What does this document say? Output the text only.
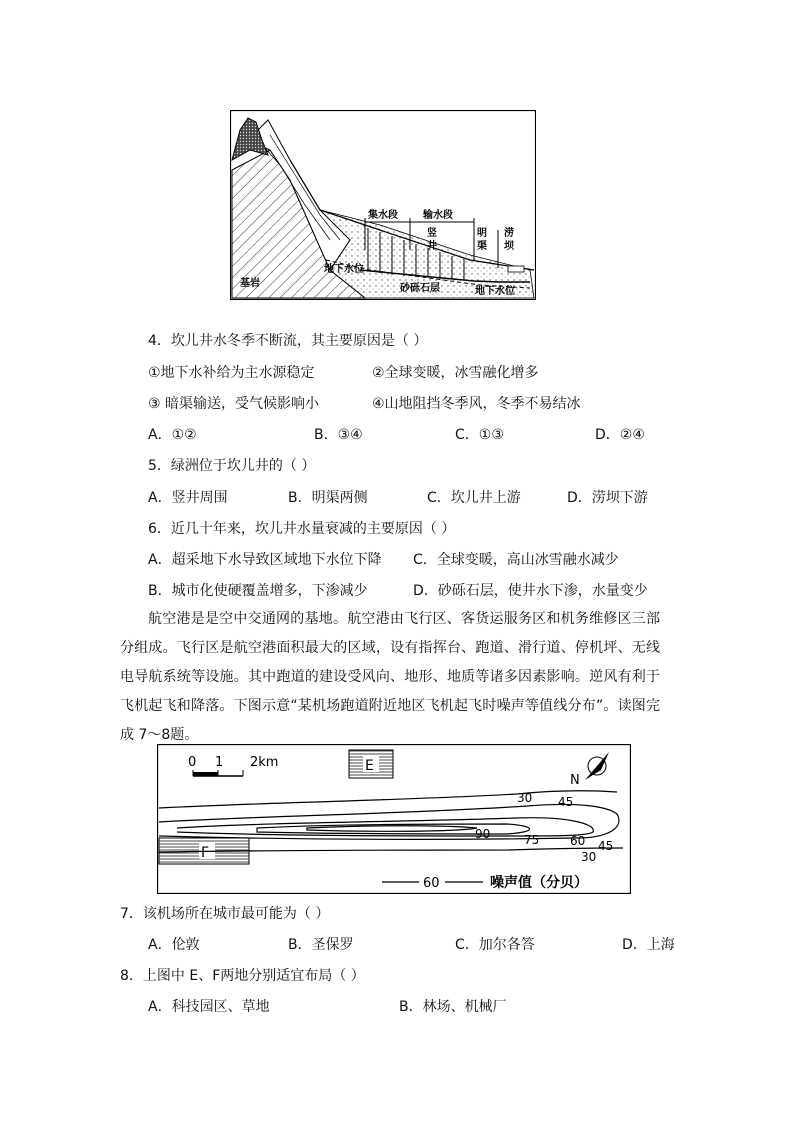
集水段	输水段
竖
井
明
渠
涝
坝
地下水位
砂砾石层	地下水位
基岩
4．坎儿井水冬季不断流，其主要原因是（ ）
①地下水补给为主水源稳定	②全球变暖，冰雪融化增多
③ 暗渠输送，受气候影响小	④山地阻挡冬季风，冬季不易结冰
A．①②	B．③④	C．①③	D．②④
5．绿洲位于坎儿井的（ ）
A．竖井周围	B．明渠两侧	C．坎儿井上游	D．涝坝下游
6．近几十年来，坎儿井水量衰减的主要原因（ ）
A．超采地下水导致区域地下水位下降 C．全球变暖，高山冰雪融水减少
B．城市化使硬覆盖增多，下渗减少	D．砂砾石层，使井水下渗，水量变少
航空港是是空中交通网的基地。航空港由飞行区、客货运服务区和机务维修区三部分组成。飞行区是航空港面积最大的区域，设有指挥台、跑道、滑行道、停机坪、无线电导航系统等设施。其中跑道的建设受风向、地形、地质等诸多因素影响。逆风有利于飞机起飞和降落。下图示意“某机场跑道附近地区飞机起飞时噪声等值线分布”。读图完成 7～8题。
0 1 2km	E
F
N
30 45
90	75	60 45
30
60	噪声值（分贝）
7．该机场所在城市最可能为（ ）
A．伦敦	B．圣保罗	C．加尔各答	D．上海
8．上图中 E、F两地分别适宜布局（ ）
A．科技园区、草地	B．林场、机械厂
